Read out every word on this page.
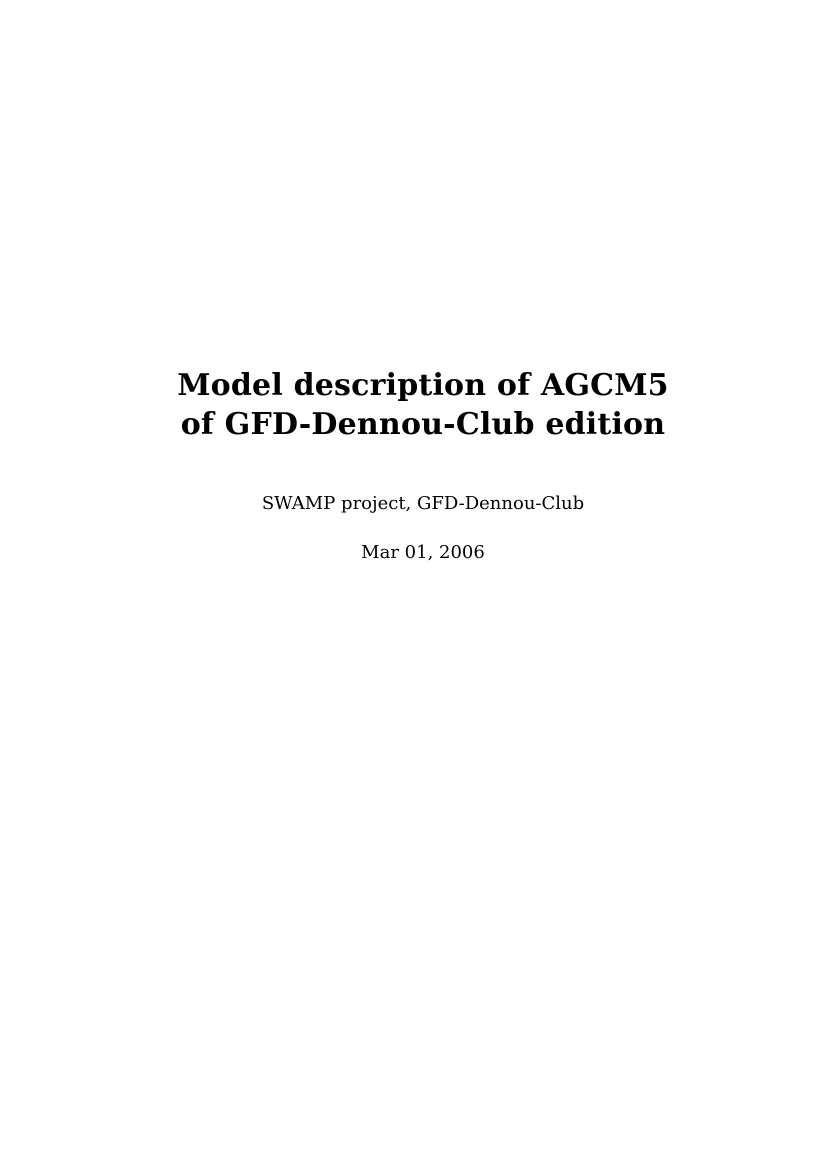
Model description of AGCM5
of GFD-Dennou-Club edition
SWAMP project, GFD-Dennou-Club
Mar 01, 2006
